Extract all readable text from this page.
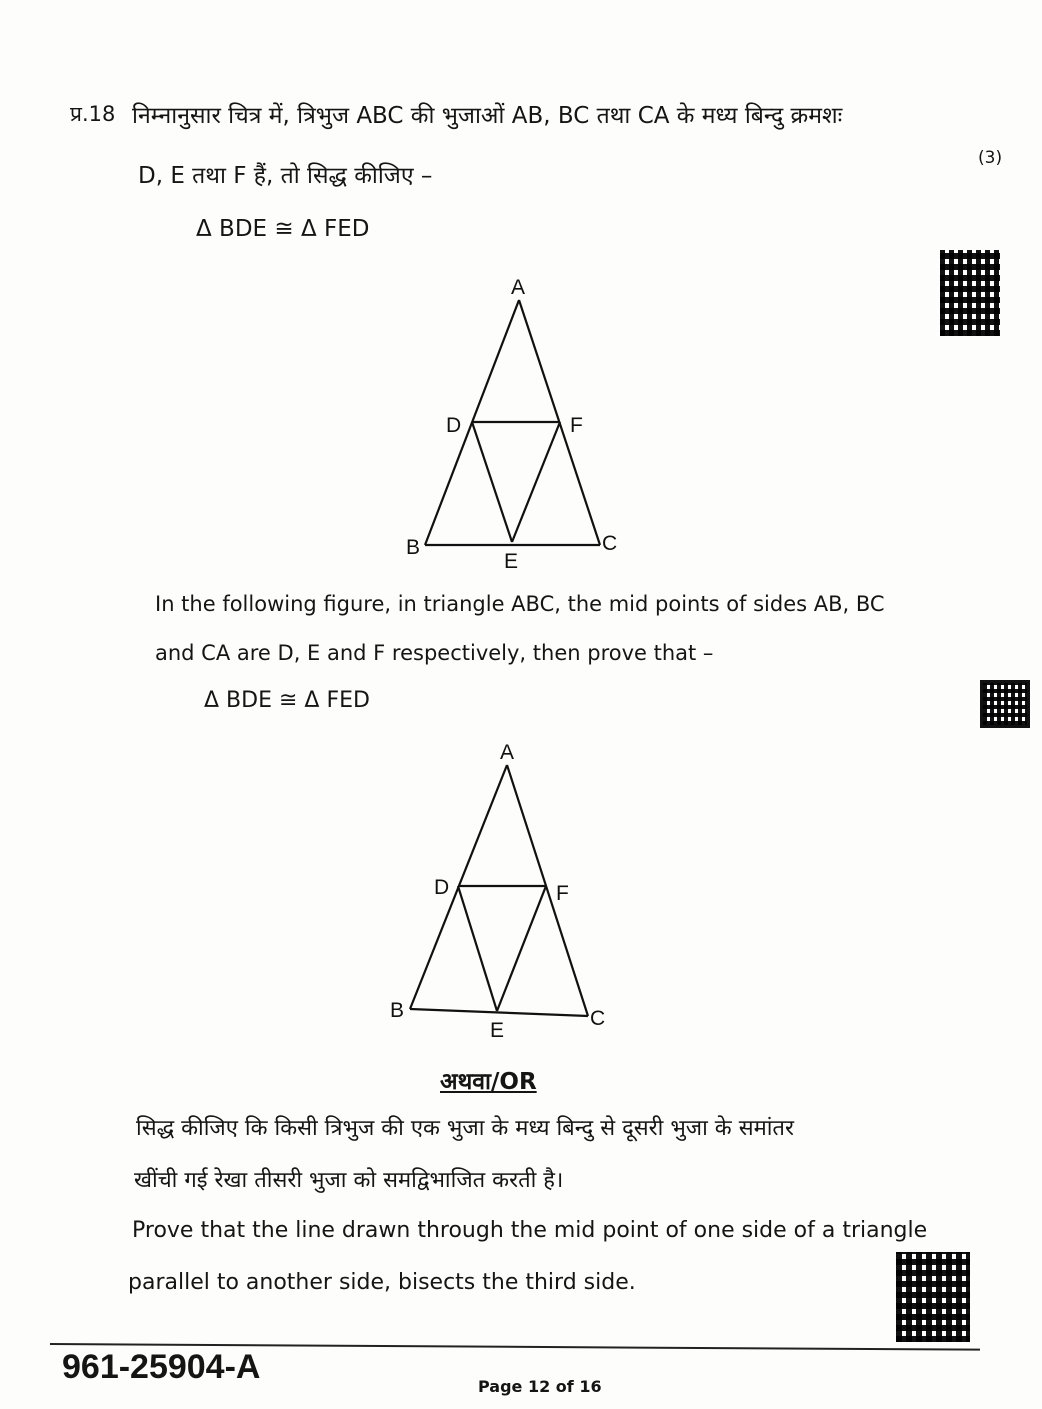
प्र.18 निम्नानुसार चित्र में, त्रिभुज ABC की भुजाओं AB, BC तथा CA के मध्य बिन्दु क्रमशः
D, E तथा F हैं, तो सिद्ध कीजिए –
(3)
Δ BDE ≅ Δ FED
A
D	F
B	C
E
In the following figure, in triangle ABC, the mid points of sides AB, BC
and CA are D, E and F respectively, then prove that –
Δ BDE ≅ Δ FED
A
D	F
B	C
E
अथवा/OR
सिद्ध कीजिए कि किसी त्रिभुज की एक भुजा के मध्य बिन्दु से दूसरी भुजा के समांतर
खींची गई रेखा तीसरी भुजा को समद्विभाजित करती है।
Prove that the line drawn through the mid point of one side of a triangle
parallel to another side, bisects the third side.
961-25904-A
Page 12 of 16
